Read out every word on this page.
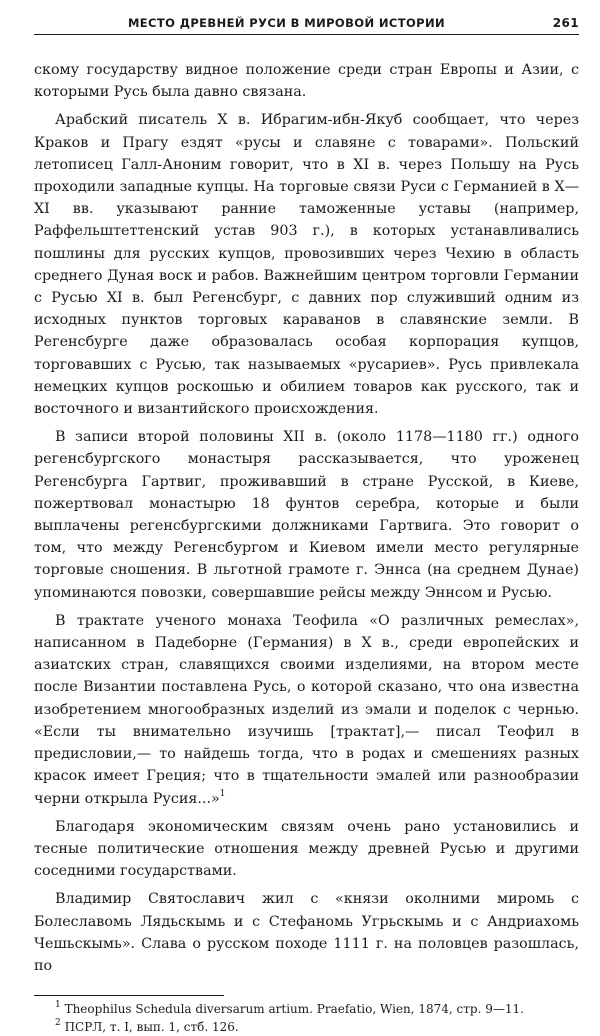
МЕСТО ДРЕВНЕЙ РУСИ В МИРОВОЙ ИСТОРИИ	261

скому государству видное положение среди стран Европы и Азии, с которыми Русь была давно связана.

Арабский писатель X в. Ибрагим-ибн-Якуб сообщает, что через Краков и Прагу ездят «русы и славяне с товарами». Польский летописец Галл-Аноним говорит, что в XI в. через Польшу на Русь проходили западные купцы. На торговые связи Руси с Германией в X—XI вв. указывают ранние таможенные уставы (например, Раффельштеттенский устав 903 г.), в которых устанавливались пошлины для русских купцов, провозивших через Чехию в область среднего Дуная воск и рабов. Важнейшим центром торговли Германии с Русью XI в. был Регенсбург, с давних пор служивший одним из исходных пунктов торговых караванов в славянские земли. В Регенсбурге даже образовалась особая корпорация купцов, торговавших с Русью, так называемых «русариев». Русь привлекала немецких купцов роскошью и обилием товаров как русского, так и восточного и византийского происхождения.

В записи второй половины XII в. (около 1178—1180 гг.) одного регенсбургского монастыря рассказывается, что уроженец Регенсбурга Гартвиг, проживавший в стране Русской, в Киеве, пожертвовал монастырю 18 фунтов серебра, которые и были выплачены регенсбургскими должниками Гартвига. Это говорит о том, что между Регенсбургом и Киевом имели место регулярные торговые сношения. В льготной грамоте г. Эннса (на среднем Дунае) упоминаются повозки, совершавшие рейсы между Эннсом и Русью.

В трактате ученого монаха Теофила «О различных ремеслах», написанном в Падеборне (Германия) в X в., среди европейских и азиатских стран, славящихся своими изделиями, на втором месте после Византии поставлена Русь, о которой сказано, что она известна изобретением многообразных изделий из эмали и поделок с чернью. «Если ты внимательно изучишь [трактат],— писал Теофил в предисловии,— то найдешь тогда, что в родах и смешениях разных красок имеет Греция; что в тщательности эмалей или разнообразии черни открыла Русия...»$^1$

Благодаря экономическим связям очень рано установились и тесные политические отношения между древней Русью и другими соседними государствами.

Владимир Святославич жил с «князи околними миромь с Болеславомь Лядьскымь и с Стефаномь Угрьскымь и с Андриахомь Чешьскымь». Слава о русском походе 1111 г. на половцев разошлась, по

$^1$ Theophilus Schedula diversarum artium. Praefatio, Wien, 1874, стр. 9—11.

$^2$ ПСРЛ, т. I, вып. 1, стб. 126.
